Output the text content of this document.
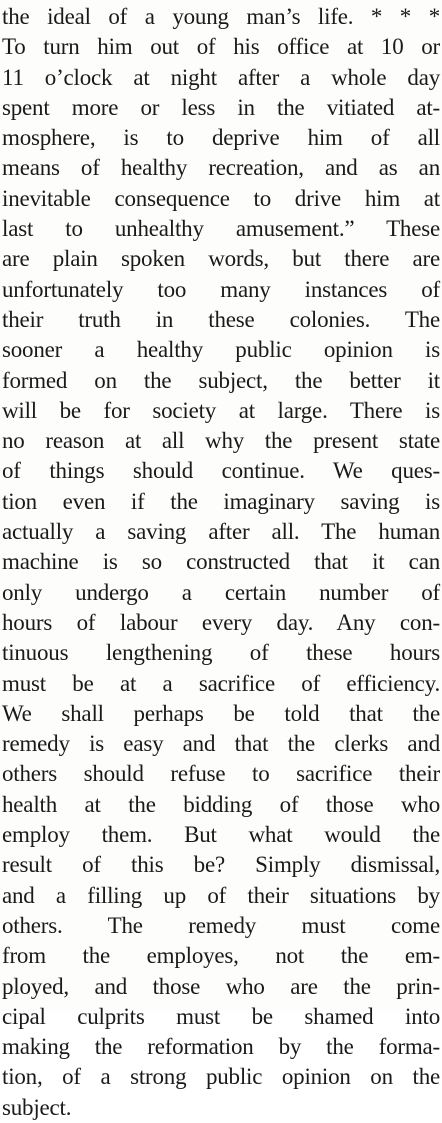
the ideal of a young man’s life. * * *
To turn him out of his office at 10 or
11 o’clock at night after a whole day
spent more or less in the vitiated at-
mosphere, is to deprive him of all
means of healthy recreation, and as an
inevitable consequence to drive him at
last to unhealthy amusement.” These
are plain spoken words, but there are
unfortunately too many instances of
their truth in these colonies. The
sooner a healthy public opinion is
formed on the subject, the better it
will be for society at large. There is
no reason at all why the present state
of things should continue. We ques-
tion even if the imaginary saving is
actually a saving after all. The human
machine is so constructed that it can
only undergo a certain number of
hours of labour every day. Any con-
tinuous lengthening of these hours
must be at a sacrifice of efficiency.
We shall perhaps be told that the
remedy is easy and that the clerks and
others should refuse to sacrifice their
health at the bidding of those who
employ them. But what would the
result of this be? Simply dismissal,
and a filling up of their situations by
others. The remedy must come
from the employes, not the em-
ployed, and those who are the prin-
cipal culprits must be shamed into
making the reformation by the forma-
tion, of a strong public opinion on the
subject.
